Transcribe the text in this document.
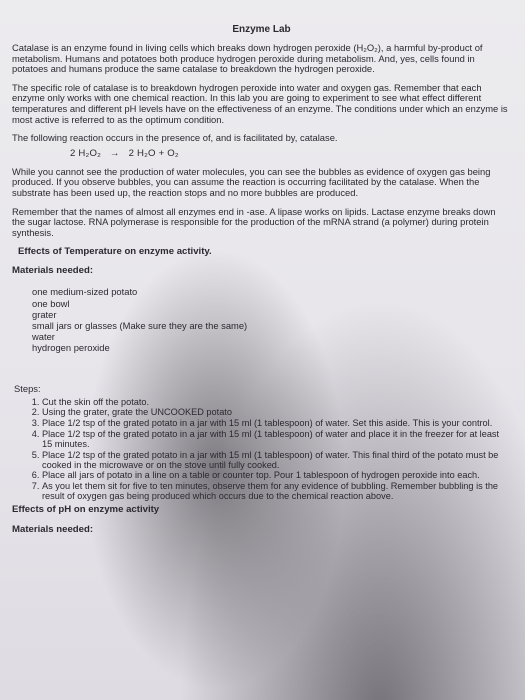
Enzyme Lab

Catalase is an enzyme found in living cells which breaks down hydrogen peroxide (H₂O₂), a harmful by-product of metabolism. Humans and potatoes both produce hydrogen peroxide during metabolism. And, yes, cells found in potatoes and humans produce the same catalase to breakdown the hydrogen peroxide.

The specific role of catalase is to breakdown hydrogen peroxide into water and oxygen gas. Remember that each enzyme only works with one chemical reaction. In this lab you are going to experiment to see what effect different temperatures and different pH levels have on the effectiveness of an enzyme. The conditions under which an enzyme is most active is referred to as the optimum condition.

The following reaction occurs in the presence of, and is facilitated by, catalase.

2 H₂O₂ → 2 H₂O + O₂

While you cannot see the production of water molecules, you can see the bubbles as evidence of oxygen gas being produced. If you observe bubbles, you can assume the reaction is occurring facilitated by the catalase. When the substrate has been used up, the reaction stops and no more bubbles are produced.

Remember that the names of almost all enzymes end in -ase. A lipase works on lipids. Lactase enzyme breaks down the sugar lactose. RNA polymerase is responsible for the production of the mRNA strand (a polymer) during protein synthesis.

Effects of Temperature on enzyme activity.
Materials needed:
one medium-sized potato
one bowl
grater
small jars or glasses (Make sure they are the same)
water
hydrogen peroxide
Steps:
1. Cut the skin off the potato.
2. Using the grater, grate the UNCOOKED potato
3. Place 1/2 tsp of the grated potato in a jar with 15 ml (1 tablespoon) of water. Set this aside. This is your control.
4. Place 1/2 tsp of the grated potato in a jar with 15 ml (1 tablespoon) of water and place it in the freezer for at least 15 minutes.
5. Place 1/2 tsp of the grated potato in a jar with 15 ml (1 tablespoon) of water. This final third of the potato must be cooked in the microwave or on the stove until fully cooked.
6. Place all jars of potato in a line on a table or counter top. Pour 1 tablespoon of hydrogen peroxide into each.
7. As you let them sit for five to ten minutes, observe them for any evidence of bubbling. Remember bubbling is the result of oxygen gas being produced which occurs due to the chemical reaction above.
Effects of pH on enzyme activity
Materials needed:
